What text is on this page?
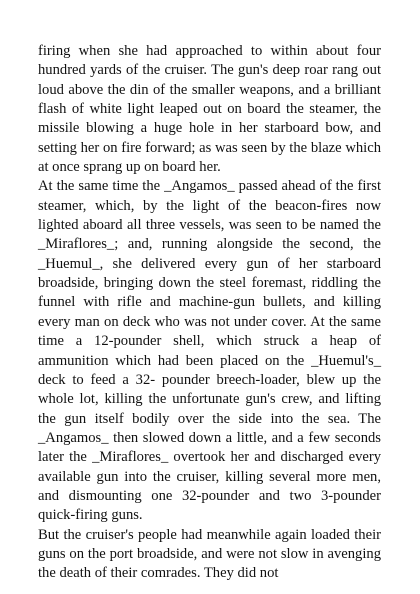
firing when she had approached to within about four hundred yards of the cruiser. The gun's deep roar rang out loud above the din of the smaller weapons, and a brilliant flash of white light leaped out on board the steamer, the missile blowing a huge hole in her starboard bow, and setting her on fire forward; as was seen by the blaze which at once sprang up on board her.

At the same time the _Angamos_ passed ahead of the first steamer, which, by the light of the beacon-fires now lighted aboard all three vessels, was seen to be named the _Miraflores_; and, running alongside the second, the _Huemul_, she delivered every gun of her starboard broadside, bringing down the steel foremast, riddling the funnel with rifle and machine-gun bullets, and killing every man on deck who was not under cover. At the same time a 12-pounder shell, which struck a heap of ammunition which had been placed on the _Huemul's_ deck to feed a 32- pounder breech-loader, blew up the whole lot, killing the unfortunate gun's crew, and lifting the gun itself bodily over the side into the sea. The _Angamos_ then slowed down a little, and a few seconds later the _Miraflores_ overtook her and discharged every available gun into the cruiser, killing several more men, and dismounting one 32-pounder and two 3-pounder quick-firing guns.

But the cruiser's people had meanwhile again loaded their guns on the port broadside, and were not slow in avenging the death of their comrades. They did not
